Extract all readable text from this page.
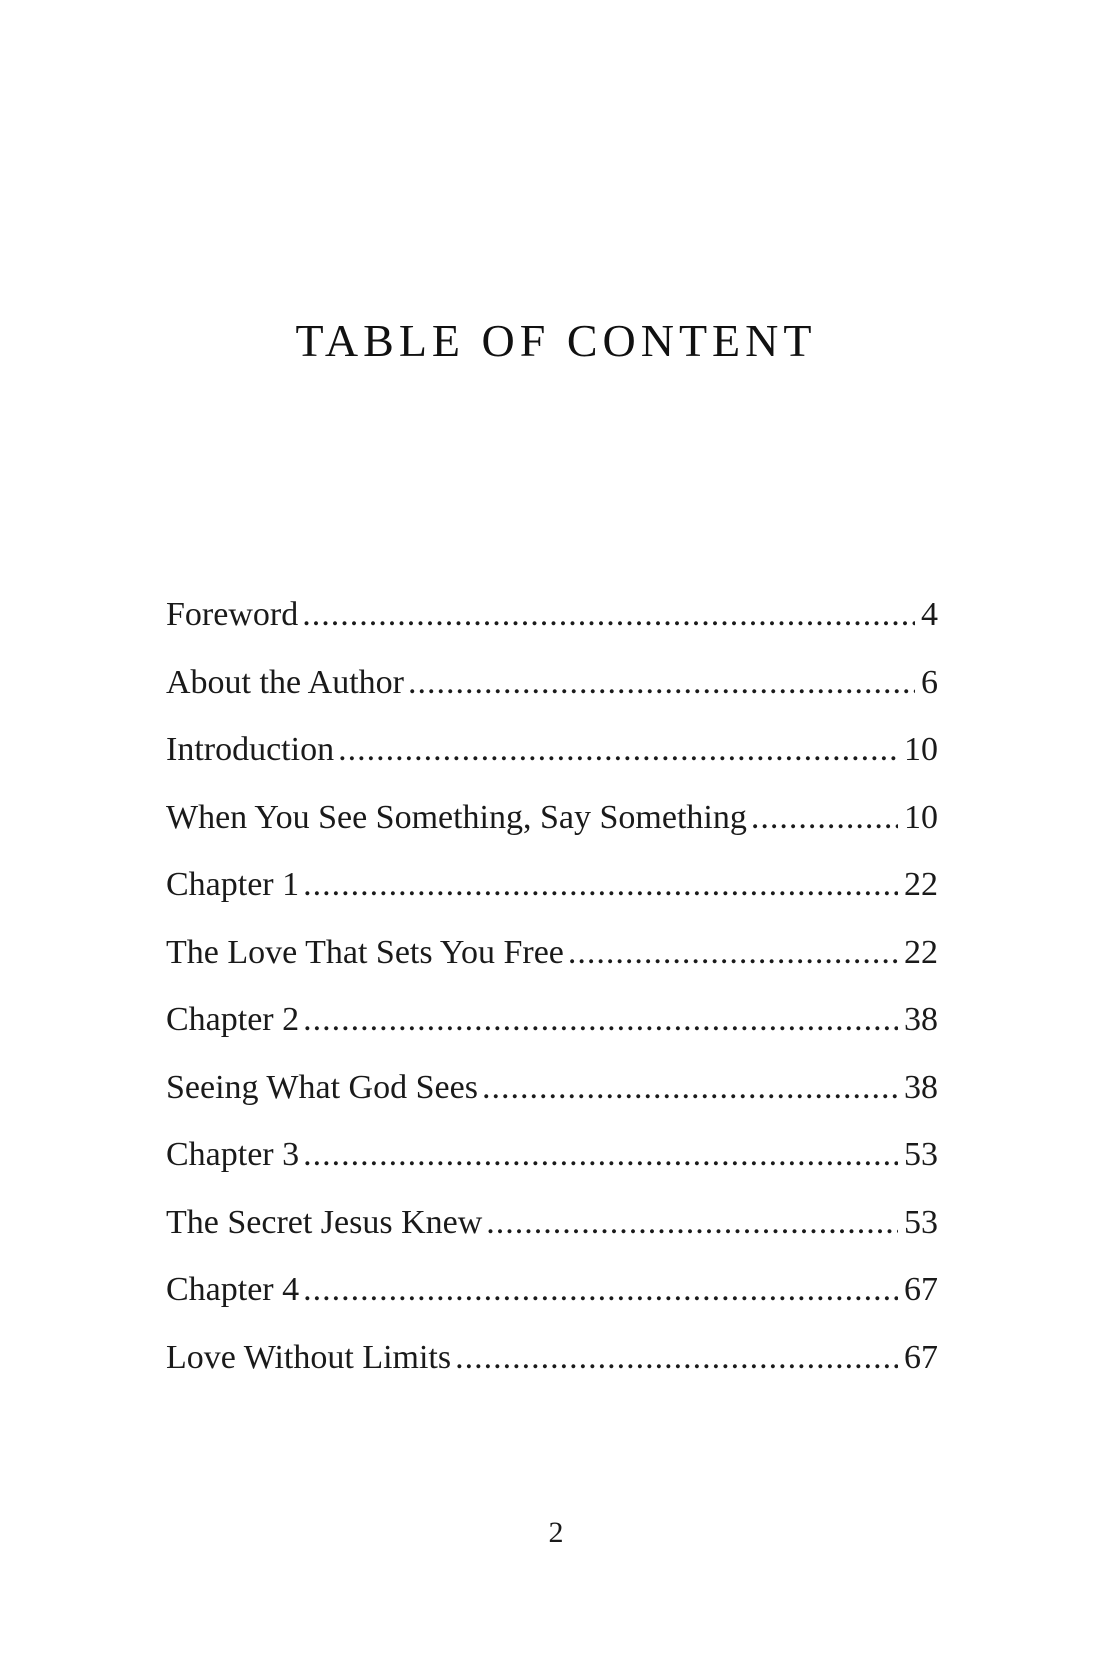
TABLE OF CONTENT
Foreword .....	4
About the Author .....	6
Introduction .....	10
When You See Something, Say Something .....	10
Chapter 1 .....	22
The Love That Sets You Free .....	22
Chapter 2 .....	38
Seeing What God Sees .....	38
Chapter 3 .....	53
The Secret Jesus Knew .....	53
Chapter 4 .....	67
Love Without Limits .....	67
2
